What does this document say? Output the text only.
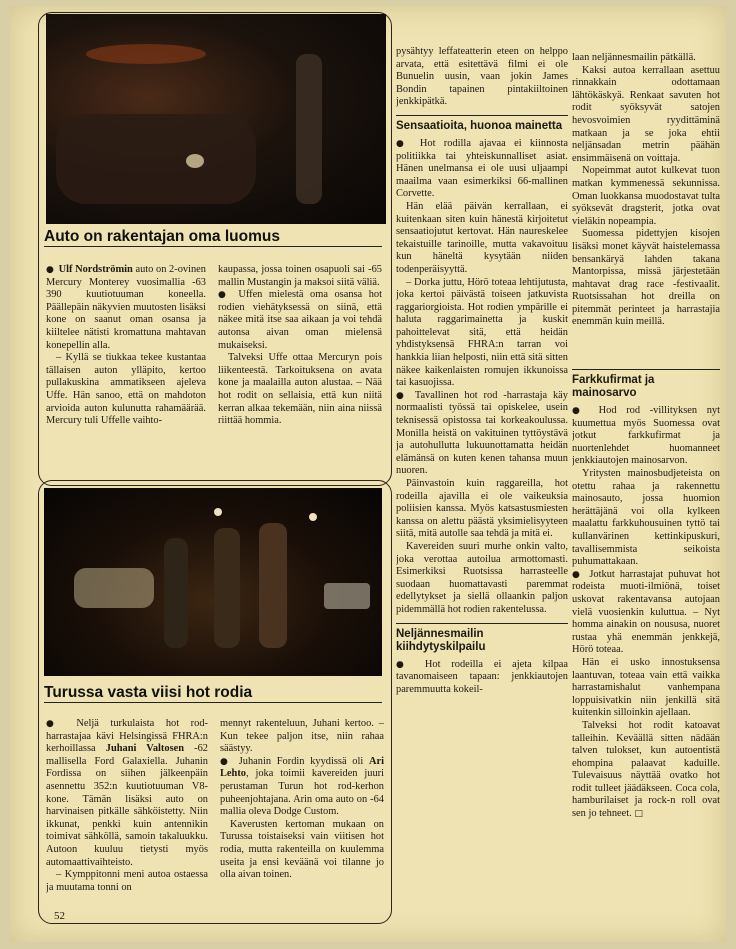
Auto on rakentajan oma luomus

● Ulf Nordströmin auto on 2-ovinen Mercury Monterey vuosimallia -63 390 kuutiotuuman koneella. Päällepäin näkyvien muutosten lisäksi kone on saanut oman osansa ja kiiltelee nätisti kromattuna mahtavan konepellin alla.

– Kyllä se tiukkaa tekee kustantaa tällaisen auton ylläpito, kertoo pullakuskina ammatikseen ajeleva Uffe. Hän sanoo, että on mahdoton arvioida auton kulunutta rahamäärää. Mercury tuli Uffelle vaihto-

kaupassa, jossa toinen osapuoli sai -65 mallin Mustangin ja maksoi siitä väliä.

● Uffen mielestä oma osansa hot rodien viehätyksessä on siinä, että näkee mitä itse saa aikaan ja voi tehdä autonsa aivan oman mielensä mukaiseksi.

Talveksi Uffe ottaa Mercuryn pois liikenteestä. Tarkoituksena on avata kone ja maalailla auton alustaa. – Nää hot rodit on sellaisia, että kun niitä kerran alkaa tekemään, niin aina niissä riittää hommia.

Turussa vasta viisi hot rodia

● Neljä turkulaista hot rod-harrastajaa kävi Helsingissä FHRA:n kerhoillassa Juhani Valtosen -62 mallisella Ford Galaxiella. Juhanin Fordissa on siihen jälkeenpäin asennettu 352:n kuutiotuuman V8-kone. Tämän lisäksi auto on harvinaisen pitkälle sähköistetty. Niin ikkunat, penkki kuin antennikin toimivat sähköllä, samoin takaluukku. Autoon kuuluu tietysti myös automaattivaihteisto.

– Kymppitonni meni autoa ostaessa ja muutama tonni on

mennyt rakenteluun, Juhani kertoo. – Kun tekee paljon itse, niin rahaa säästyy.

● Juhanin Fordin kyydissä oli Ari Lehto, joka toimii kavereiden juuri perustaman Turun hot rod-kerhon puheenjohtajana. Arin oma auto on -64 mallia oleva Dodge Custom.

Kaverusten kertoman mukaan on Turussa toistaiseksi vain viitisen hot rodia, mutta rakenteilla on kuulemma useita ja ensi keväänä voi tilanne jo olla aivan toinen.

52

pysähtyy leffateatterin eteen on helppo arvata, että esitettävä filmi ei ole Bunuelin uusin, vaan jokin James Bondin tapainen pintakiiltoinen jenkkipätkä.

Sensaatioita, huonoa mainetta

● Hot rodilla ajavaa ei kiinnosta politiikka tai yhteiskunnalliset asiat. Hänen unelmansa ei ole uusi uljaampi maailma vaan esimerkiksi 66-mallinen Corvette.

Hän elää päivän kerrallaan, ei kuitenkaan siten kuin hänestä kirjoitetut sensaatiojutut kertovat. Hän naureskelee tekaistuille tarinoille, mutta vakavoituu kun häneltä kysytään niiden todenperäisyyttä.

– Dorka juttu, Hörö toteaa lehtijutusta, joka kertoi päivästä toiseen jatkuvista raggariorgioista. Hot rodien ympärille ei haluta raggarimainetta ja kuskit pahoittelevat sitä, että heidän yhdistyksensä FHRA:n tarran voi hankkia liian helposti, niin että sitä sitten näkee kaikenlaisten romujen ikkunoissa tai kasuojissa.

● Tavallinen hot rod -harrastaja käy normaalisti työssä tai opiskelee, usein teknisessä opistossa tai korkeakoulussa. Monilla heistä on vakituinen tyttöystävä ja autohullutta lukuunottamatta heidän elämänsä on kuten kenen tahansa muun nuoren.

Päinvastoin kuin raggareilla, hot rodeilla ajavilla ei ole vaikeuksia poliisien kanssa. Myös katsastusmiesten kanssa on alettu päästä yksimielisyyteen siitä, mitä autolle saa tehdä ja mitä ei.

Kavereiden suuri murhe onkin valto, joka verottaa autoilua armottomasti. Esimerkiksi Ruotsissa harrasteelle suodaan huomattavasti paremmat edellytykset ja siellä ollaankin paljon pidemmällä hot rodien rakentelussa.

Neljännesmailin kiihdytyskilpailu

● Hot rodeilla ei ajeta kilpaa tavanomaiseen tapaan: jenkkiautojen paremmuutta kokeil-

laan neljännesmailin pätkällä.

Kaksi autoa kerrallaan asettuu rinnakkain odottamaan lähtökäskyä. Renkaat savuten hot rodit syöksyvät satojen hevosvoimien ryydittäminä matkaan ja se joka ehtii neljänsadan metrin päähän ensimmäisenä on voittaja.

Nopeimmat autot kulkevat tuon matkan kymmenessä sekunnissa. Oman luokkansa muodostavat tulta syöksevät dragsterit, jotka ovat vieläkin nopeampia.

Suomessa pidettyjen kisojen lisäksi monet käyvät haistelemassa bensankäryä lahden takana Mantorpissa, missä järjestetään mahtavat drag race -festivaalit. Ruotsissahan hot dreilla on pitemmät perinteet ja harrastajia enemmän kuin meillä.

Farkkufirmat ja mainosarvo

● Hod rod -villityksen nyt kuumettua myös Suomessa ovat jotkut farkkufirmat ja nuortenlehdet huomanneet jenkkiautojen mainosarvon.

Yritysten mainosbudjeteista on otettu rahaa ja rakennettu mainosauto, jossa huomion herättäjänä voi olla kylkeen maalattu farkkuhousuinen tyttö tai kullanvärinen kettinkipuskuri, tavallisemmista seikoista puhumattakaan.

● Jotkut harrastajat puhuvat hot rodeista muoti-ilmiönä, toiset uskovat rakentavansa autojaan vielä vuosienkin kuluttua. – Nyt homma ainakin on noususa, nuoret rustaa yhä enemmän jenkkejä, Hörö toteaa.

Hän ei usko innostuksensa laantuvan, toteaa vain että vaikka harrastamishalut vanhempana loppuisivatkin niin jenkillä sitä kuitenkin silloinkin ajellaan.

Talveksi hot rodit katoavat talleihin. Keväällä sitten nädään talven tulokset, kun autoentistä ehompina palaavat kaduille. Tulevaisuus näyttää ovatko hot rodit tulleet jäädäkseen. Coca cola, hamburilaiset ja rock-n roll ovat sen jo tehneet. □
